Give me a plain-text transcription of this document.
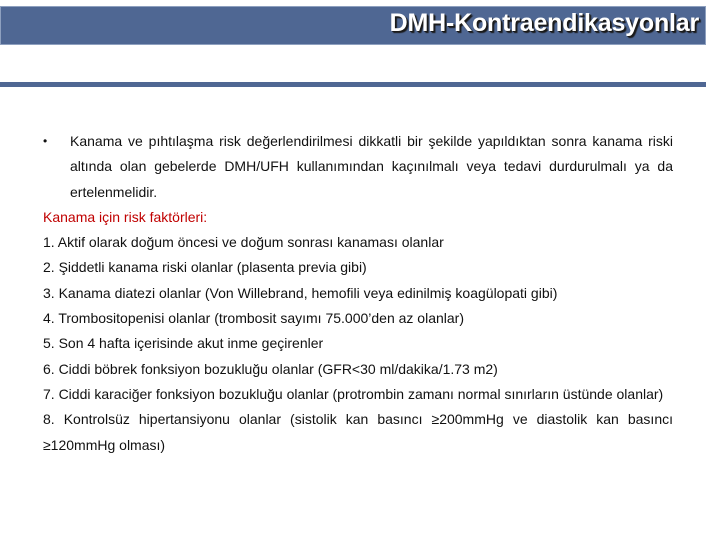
DMH-Kontraendikasyonlar
• Kanama ve pıhtılaşma risk değerlendirilmesi dikkatli bir şekilde yapıldıktan sonra kanama riski altında olan gebelerde DMH/UFH kullanımından kaçınılmalı veya tedavi durdurulmalı ya da ertelenmelidir.

Kanama için risk faktörleri:

1. Aktif olarak doğum öncesi ve doğum sonrası kanaması olanlar

2. Şiddetli kanama riski olanlar (plasenta previa gibi)

3. Kanama diatezi olanlar (Von Willebrand, hemofili veya edinilmiş koagülopati gibi)

4. Trombositopenisi olanlar (trombosit sayımı 75.000’den az olanlar)

5. Son 4 hafta içerisinde akut inme geçirenler

6. Ciddi böbrek fonksiyon bozukluğu olanlar (GFR<30 ml/dakika/1.73 m2)

7. Ciddi karaciğer fonksiyon bozukluğu olanlar (protrombin zamanı normal sınırların üstünde olanlar)

8. Kontrolsüz hipertansiyonu olanlar (sistolik kan basıncı ≥200mmHg ve diastolik kan basıncı ≥120mmHg olması)
